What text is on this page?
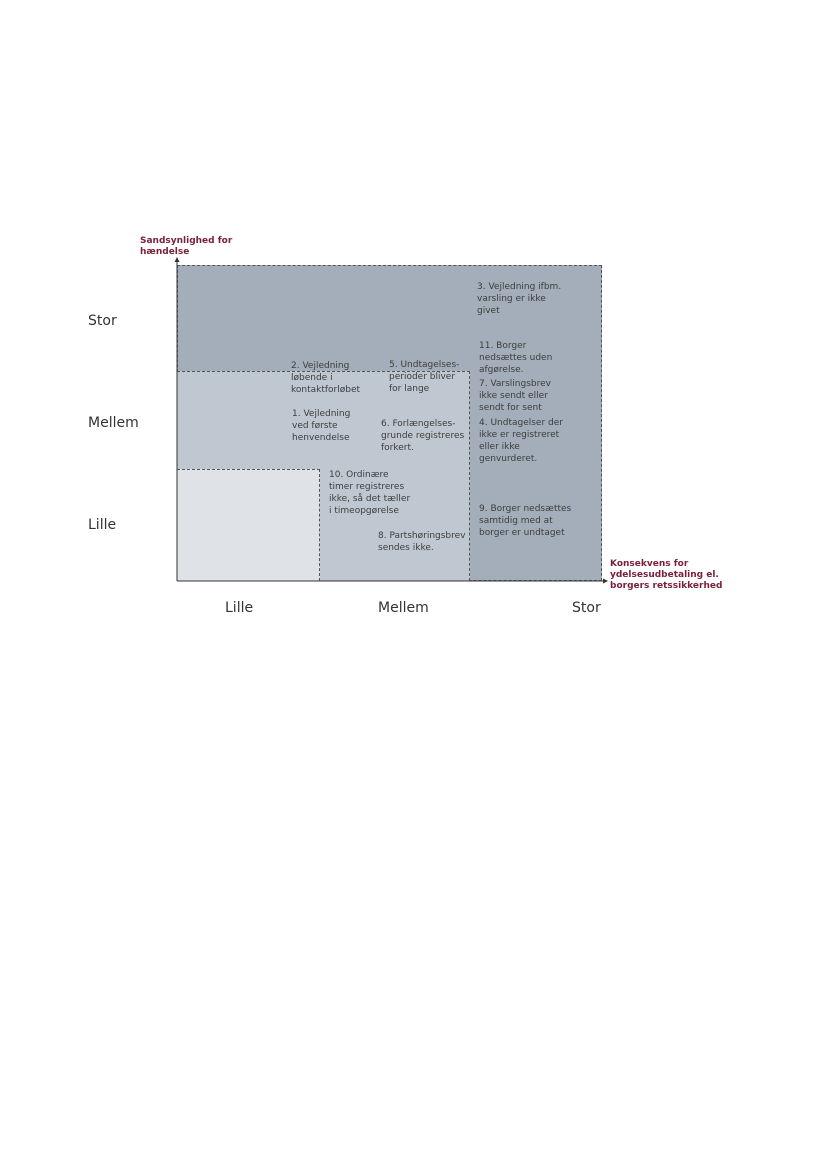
Sandsynlighed for
hændelse
Konsekvens for
ydelsesudbetaling el.
borgers retssikkerhed
Stor
Mellem
Lille
Lille	Mellem	Stor
3. Vejledning ifbm.
varsling er ikke
givet
11. Borger
nedsættes uden
afgørelse.
2. Vejledning
løbende i
kontaktforløbet
5. Undtagelses-
perioder bliver
for lange	7. Varslingsbrev
ikke sendt eller
sendt for sent
1. Vejledning
ved første
henvendelse
6. Forlængelses-
grunde registreres
forkert.
4. Undtagelser der
ikke er registreret
eller ikke
genvurderet.
10. Ordinære
timer registreres
ikke, så det tæller
i timeopgørelse	9. Borger nedsættes
samtidig med at
borger er undtaget
8. Partshøringsbrev
sendes ikke.
